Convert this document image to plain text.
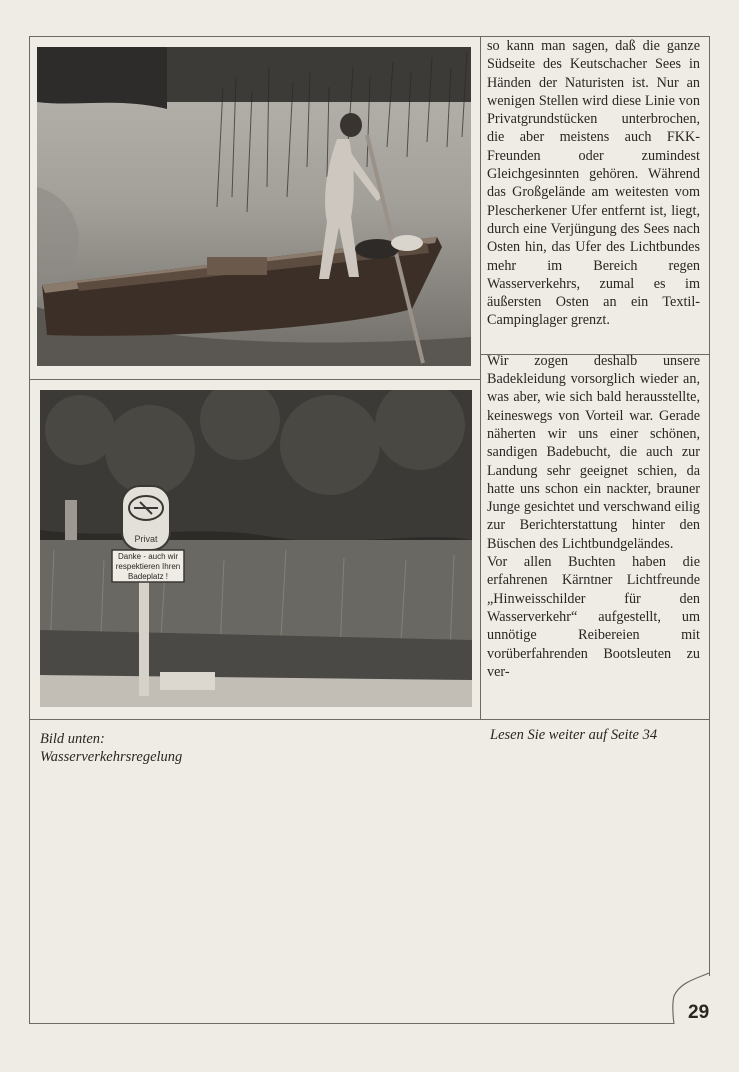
Privat
Danke - auch wir
respektieren Ihren
Badeplatz !

so kann man sagen, daß die ganze Südseite des Keutschacher Sees in Händen der Naturisten ist. Nur an wenigen Stellen wird diese Linie von Privatgrundstücken unterbrochen, die aber meistens auch FKK-Freunden oder zumindest Gleichgesinnten gehören. Während das Großgelände am weitesten vom Plescherkener Ufer entfernt ist, liegt, durch eine Verjüngung des Sees nach Osten hin, das Ufer des Lichtbundes mehr im Bereich regen Wasserverkehrs, zumal es im äußersten Osten an ein Textil-Campinglager grenzt.

Wir zogen deshalb unsere Badekleidung vorsorglich wieder an, was aber, wie sich bald herausstellte, keineswegs von Vorteil war. Gerade näherten wir uns einer schönen, sandigen Badebucht, die auch zur Landung sehr geeignet schien, da hatte uns schon ein nackter, brauner Junge gesichtet und verschwand eilig zur Berichterstattung hinter den Büschen des Lichtbundgeländes.

Vor allen Buchten haben die erfahrenen Kärntner Lichtfreunde „Hinweisschilder für den Wasserverkehr“ aufgestellt, um unnötige Reibereien mit vorüberfahrenden Bootsleuten zu ver-

Bild unten:
Wasserverkehrsregelung
Lesen Sie weiter auf Seite 34
29
